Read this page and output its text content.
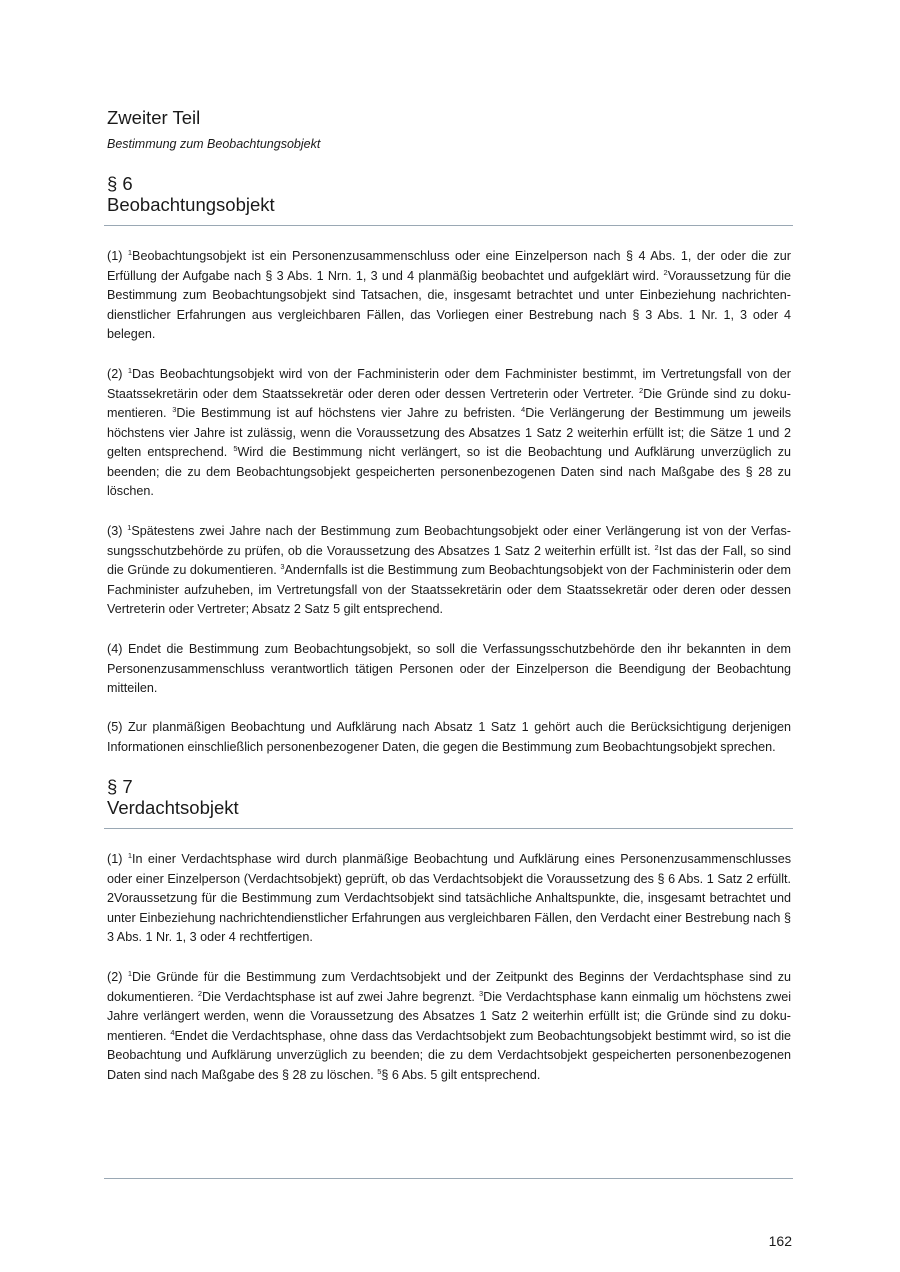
Zweiter Teil
Bestimmung zum Beobachtungsobjekt
§ 6
Beobachtungsobjekt

(1) $^1$Beobachtungsobjekt ist ein Personenzusammenschluss oder eine Einzelperson nach § 4 Abs. 1, der oder die zur Erfüllung der Aufgabe nach § 3 Abs. 1 Nrn. 1, 3 und 4 planmäßig beobachtet und aufgeklärt wird. $^2$Voraussetzung für die Bestimmung zum Beobachtungsobjekt sind Tatsachen, die, insgesamt betrachtet und unter Einbeziehung nachrichtendienstlicher Erfahrungen aus vergleichbaren Fällen, das Vorliegen einer Bestrebung nach § 3 Abs. 1 Nr. 1, 3 oder 4 belegen.

(2) $^1$Das Beobachtungsobjekt wird von der Fachministerin oder dem Fachminister bestimmt, im Vertretungsfall von der Staatssekretärin oder dem Staatssekretär oder deren oder dessen Vertreterin oder Vertreter. $^2$Die Gründe sind zu dokumentieren. $^3$Die Bestimmung ist auf höchstens vier Jahre zu befristen. $^4$Die Verlängerung der Bestimmung um jeweils höchstens vier Jahre ist zulässig, wenn die Voraussetzung des Absatzes 1 Satz 2 weiterhin erfüllt ist; die Sätze 1 und 2 gelten entsprechend. $^5$Wird die Bestimmung nicht verlängert, so ist die Beobachtung und Aufklärung unverzüglich zu beenden; die zu dem Beobachtungsobjekt gespeicherten personenbezogenen Daten sind nach Maßgabe des § 28 zu löschen.

(3) $^1$Spätestens zwei Jahre nach der Bestimmung zum Beobachtungsobjekt oder einer Verlängerung ist von der Verfassungsschutzbehörde zu prüfen, ob die Voraussetzung des Absatzes 1 Satz 2 weiterhin erfüllt ist. $^2$Ist das der Fall, so sind die Gründe zu dokumentieren. $^3$Andernfalls ist die Bestimmung zum Beobachtungsobjekt von der Fachministerin oder dem Fachminister aufzuheben, im Vertretungsfall von der Staatssekretärin oder dem Staatssekretär oder deren oder dessen Vertreterin oder Vertreter; Absatz 2 Satz 5 gilt entsprechend.

(4) Endet die Bestimmung zum Beobachtungsobjekt, so soll die Verfassungsschutzbehörde den ihr bekannten in dem Personenzusammenschluss verantwortlich tätigen Personen oder der Einzelperson die Beendigung der Beobachtung mitteilen.

(5) Zur planmäßigen Beobachtung und Aufklärung nach Absatz 1 Satz 1 gehört auch die Berücksichtigung derjenigen Informationen einschließlich personenbezogener Daten, die gegen die Bestimmung zum Beobachtungsobjekt sprechen.

§ 7
Verdachtsobjekt

(1) $^1$In einer Verdachtsphase wird durch planmäßige Beobachtung und Aufklärung eines Personenzusammenschlusses oder einer Einzelperson (Verdachtsobjekt) geprüft, ob das Verdachtsobjekt die Voraussetzung des § 6 Abs. 1 Satz 2 erfüllt. 2Voraussetzung für die Bestimmung zum Verdachtsobjekt sind tatsächliche Anhaltspunkte, die, insgesamt betrachtet und unter Einbeziehung nachrichtendienstlicher Erfahrungen aus vergleichbaren Fällen, den Verdacht einer Bestrebung nach § 3 Abs. 1 Nr. 1, 3 oder 4 rechtfertigen.

(2) $^1$Die Gründe für die Bestimmung zum Verdachtsobjekt und der Zeitpunkt des Beginns der Verdachtsphase sind zu dokumentieren. $^2$Die Verdachtsphase ist auf zwei Jahre begrenzt. $^3$Die Verdachtsphase kann einmalig um höchstens zwei Jahre verlängert werden, wenn die Voraussetzung des Absatzes 1 Satz 2 weiterhin erfüllt ist; die Gründe sind zu dokumentieren. $^4$Endet die Verdachtsphase, ohne dass das Verdachtsobjekt zum Beobachtungsobjekt bestimmt wird, so ist die Beobachtung und Aufklärung unverzüglich zu beenden; die zu dem Verdachtsobjekt gespeicherten personenbezogenen Daten sind nach Maßgabe des § 28 zu löschen. $^5$§ 6 Abs. 5 gilt entsprechend.

162
